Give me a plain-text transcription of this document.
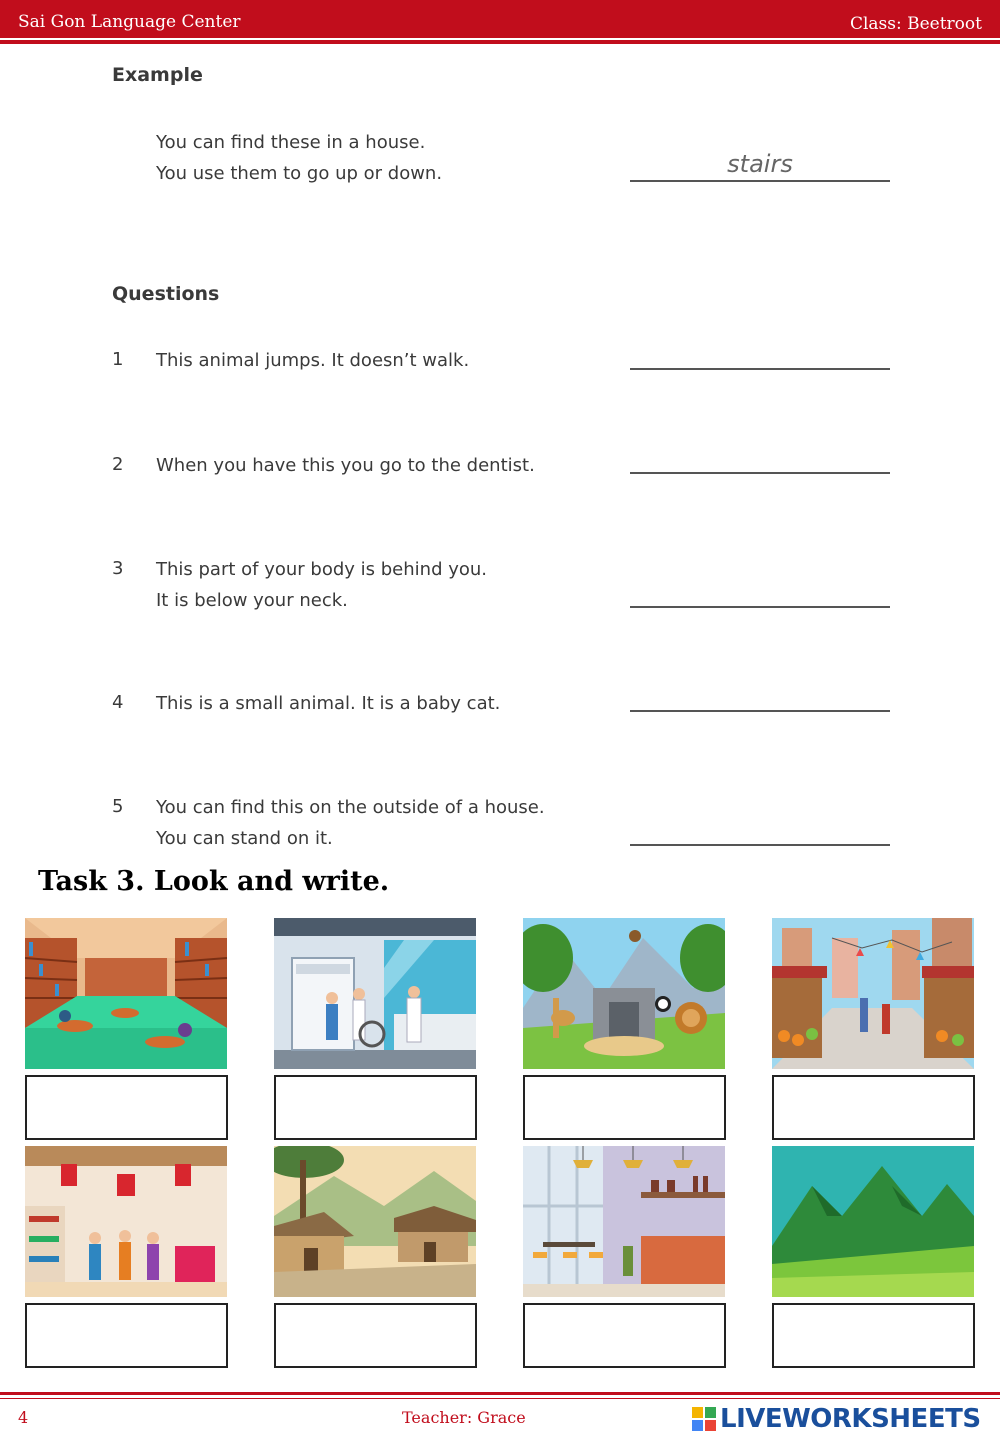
Sai Gon Language Center	Class: Beetroot
Example
You can find these in a house.
You use them to go up or down.	stairs
Questions
1 This animal jumps. It doesn’t walk.
2 When you have this you go to the dentist.
3 This part of your body is behind you.
It is below your neck.
4 This is a small animal. It is a baby cat.
5 You can find this on the outside of a house.
You can stand on it.
Task 3. Look and write.
4	Teacher: Grace	LIVEWORKSHEETS
